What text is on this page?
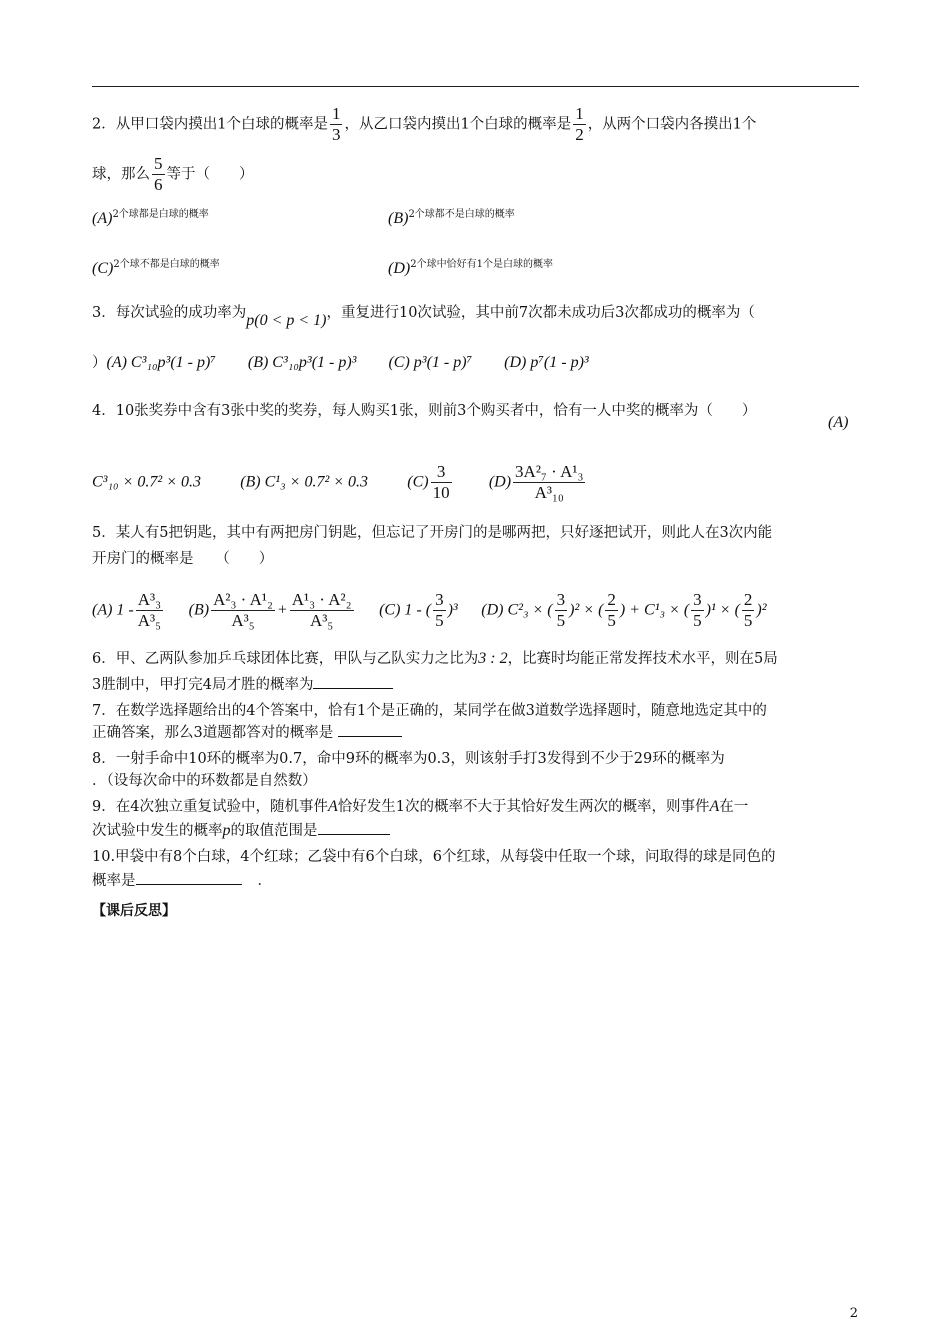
2．从甲口袋内摸出1个白球的概率是 $\frac{1}{3}$ ，从乙口袋内摸出1个白球的概率是 $\frac{1}{2}$ ，从两个口袋内各摸出1个
球，那么 $\frac{5}{6}$ 等于（　　）
$(A)^{2个球都是白球的概率}$	$(B)^{2个球都不是白球的概率}$
$(C)^{2个球不都是白球的概率}$	$(D)^{2个球中恰好有1个是白球的概率}$
3．每次试验的成功率为p(0 < p < 1)，重复进行10次试验，其中前7次都未成功后3次都成功的概率为（
）(A) C³₁₀p³(1 - p)⁷　　(B) C³₁₀p³(1 - p)³　　(C) p³(1 - p)⁷　　(D) p⁷(1 - p)³
4．10张奖券中含有3张中奖的奖券，每人购买1张，则前3个购买者中，恰有一人中奖的概率为（　　）
(A)
C³₁₀ × 0.7² × 0.3 (B) C¹₃ × 0.7² × 0.3 $(C) \frac{3}{10} (D) \frac{\text{3A²₇ · A¹₃}}{\text{A³₁₀}}$
5．某人有5把钥匙，其中有两把房门钥匙，但忘记了开房门的是哪两把，只好逐把试开，则此人在3次内能
开房门的概率是　　（　　）
(A) $1 - \frac{\text{A³₃}}{\text{A³₅}} (B) \frac{\text{A²₃ · A¹₂}}{\text{A³₅}} + \frac{\text{A¹₃ · A²₂}}{\text{A³₅}} (C)$ 1 - ( $\frac{3}{5} )^3$ (D) C²₃ × ( $\frac{3}{5} )^2$ × ( $\frac{2}{5}$ ) + C¹₃ × ( $\frac{3}{5} )^1$ × ( $\frac{2}{5} )^2$
6．甲、乙两队参加乒乓球团体比赛，甲队与乙队实力之比为3 : 2，比赛时均能正常发挥技术水平，则在5局
3胜制中，甲打完4局才胜的概率为
7．在数学选择题给出的4个答案中，恰有1个是正确的，某同学在做3道数学选择题时，随意地选定其中的
正确答案，那么3道题都答对的概率是
8．一射手命中10环的概率为0.7，命中9环的概率为0.3，则该射手打3发得到不少于29环的概率为
．（设每次命中的环数都是自然数）
9．在4次独立重复试验中，随机事件A恰好发生1次的概率不大于其恰好发生两次的概率，则事件A在一
次试验中发生的概率p的取值范围是
10.甲袋中有8个白球，4个红球；乙袋中有6个白球，6个红球，从每袋中任取一个球，问取得的球是同色的
概率是	．
【课后反思】
2
